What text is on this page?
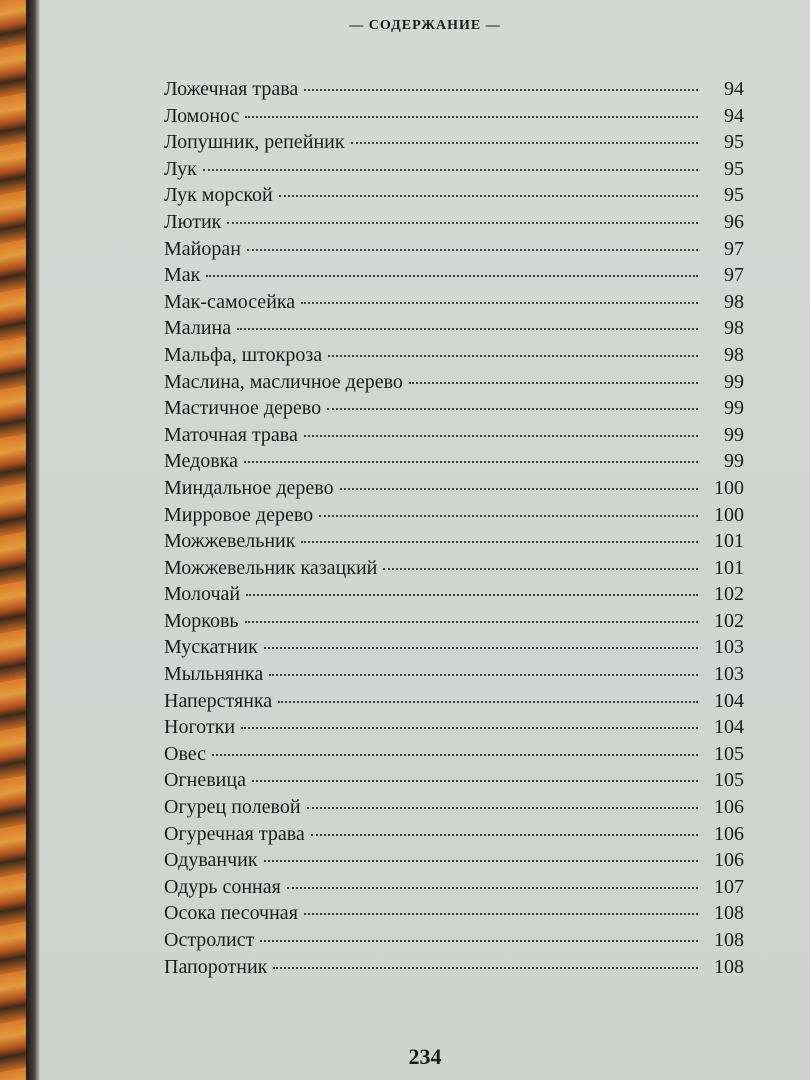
— СОДЕРЖАНИЕ —
Ложечная трава	94
Ломонос	94
Лопушник, репейник	95
Лук	95
Лук морской	95
Лютик	96
Майоран	97
Мак	97
Мак-самосейка	98
Малина	98
Мальфа, штокроза	98
Маслина, масличное дерево	99
Мастичное дерево	99
Маточная трава	99
Медовка	99
Миндальное дерево	100
Мирровое дерево	100
Можжевельник	101
Можжевельник казацкий	101
Молочай	102
Морковь	102
Мускатник	103
Мыльнянка	103
Наперстянка	104
Ноготки	104
Овес	105
Огневица	105
Огурец полевой	106
Огуречная трава	106
Одуванчик	106
Одурь сонная	107
Осока песочная	108
Остролист	108
Папоротник	108
234
